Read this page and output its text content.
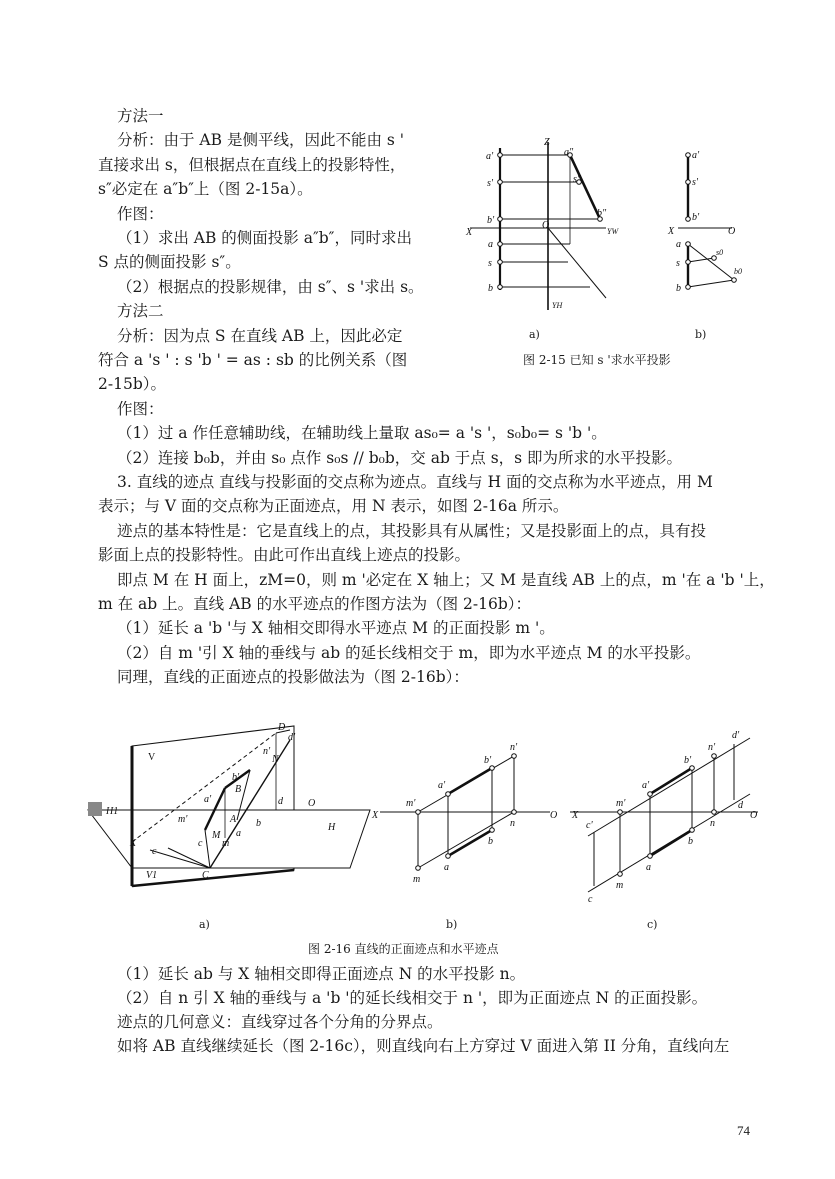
方法一
分析：由于 AB 是侧平线，因此不能由 s '
直接求出 s，但根据点在直线上的投影特性，
s″必定在 a″b″上（图 2-15a）。
作图：
（1）求出 AB 的侧面投影 a″b″，同时求出
S 点的侧面投影 s″。
（2）根据点的投影规律，由 s″、s '求出 s。
方法二
分析：因为点 S 在直线 AB 上，因此必定
符合 a 's ' : s 'b ' = as : sb 的比例关系（图
2-15b）。
作图：
（1）过 a 作任意辅助线，在辅助线上量取 as₀= a 's '，s₀b₀= s 'b '。
（2）连接 b₀b，并由 s₀ 点作 s₀s // b₀b，交 ab 于点 s，s 即为所求的水平投影。
3. 直线的迹点 直线与投影面的交点称为迹点。直线与 H 面的交点称为水平迹点，用 M
表示；与 V 面的交点称为正面迹点，用 N 表示，如图 2-16a 所示。
迹点的基本特性是：它是直线上的点，其投影具有从属性；又是投影面上的点，具有投
影面上点的投影特性。由此可作出直线上迹点的投影。
即点 M 在 H 面上，zM=0，则 m '必定在 X 轴上；又 M 是直线 AB 上的点，m '在 a 'b '上，
m 在 ab 上。直线 AB 的水平迹点的作图方法为（图 2-16b）：
（1）延长 a 'b '与 X 轴相交即得水平迹点 M 的正面投影 m '。
（2）自 m '引 X 轴的垂线与 ab 的延长线相交于 m，即为水平迹点 M 的水平投影。
同理，直线的正面迹点的投影做法为（图 2-16b）：
a'
s'
b'
a
s
b
Z
X
O
a"
s"
b"
YW
YH
a'
s'
b'
X	O
a
s
b
s0
b0
a)	b)
图 2-15 已知 s '求水平投影
V
H1
H
X
O
V1
D
N
B
A
M
C
d'
n'
b'
a'
m'
d
b
a
c m
c
X	O
m'
a'
b'
n'
m
a
b
n
X	O
c'
m'
a'
b'
n'
d'
d
n
b
a
m
c
a)	b)	c)
图 2-16 直线的正面迹点和水平迹点
（1）延长 ab 与 X 轴相交即得正面迹点 N 的水平投影 n。
（2）自 n 引 X 轴的垂线与 a 'b '的延长线相交于 n '，即为正面迹点 N 的正面投影。
迹点的几何意义：直线穿过各个分角的分界点。
如将 AB 直线继续延长（图 2-16c），则直线向右上方穿过 V 面进入第 II 分角，直线向左
74
